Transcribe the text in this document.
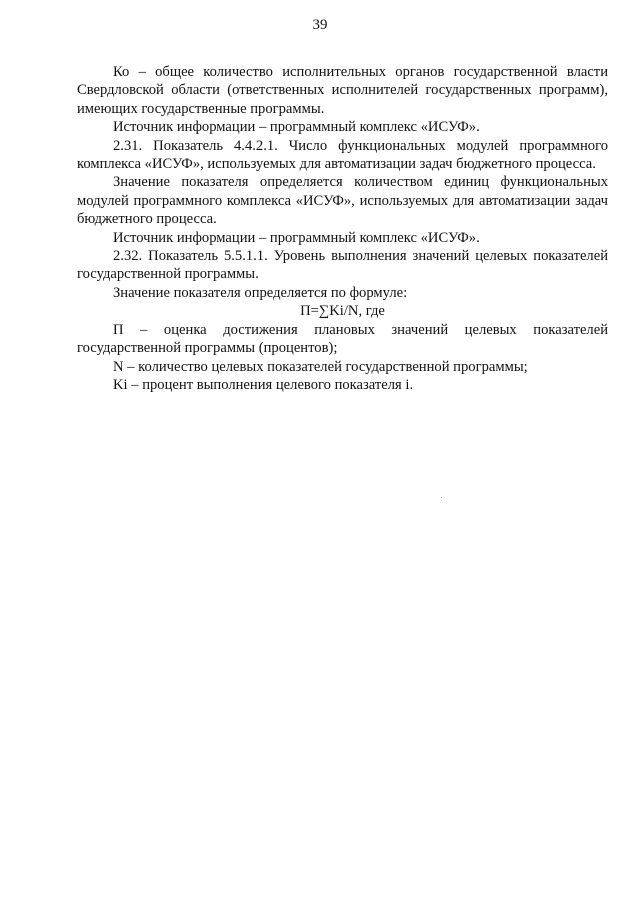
39

Ко – общее количество исполнительных органов государственной власти Свердловской области (ответственных исполнителей государственных программ), имеющих государственные программы.

Источник информации – программный комплекс «ИСУФ».

2.31. Показатель 4.4.2.1. Число функциональных модулей программного комплекса «ИСУФ», используемых для автоматизации задач бюджетного процесса.

Значение показателя определяется количеством единиц функциональных модулей программного комплекса «ИСУФ», используемых для автоматизации задач бюджетного процесса.

Источник информации – программный комплекс «ИСУФ».

2.32. Показатель 5.5.1.1. Уровень выполнения значений целевых показателей государственной программы.

Значение показателя определяется по формуле:

П=∑Ki/N, где

П – оценка достижения плановых значений целевых показателей государственной программы (процентов);

N – количество целевых показателей государственной программы;

Ki – процент выполнения целевого показателя i.
